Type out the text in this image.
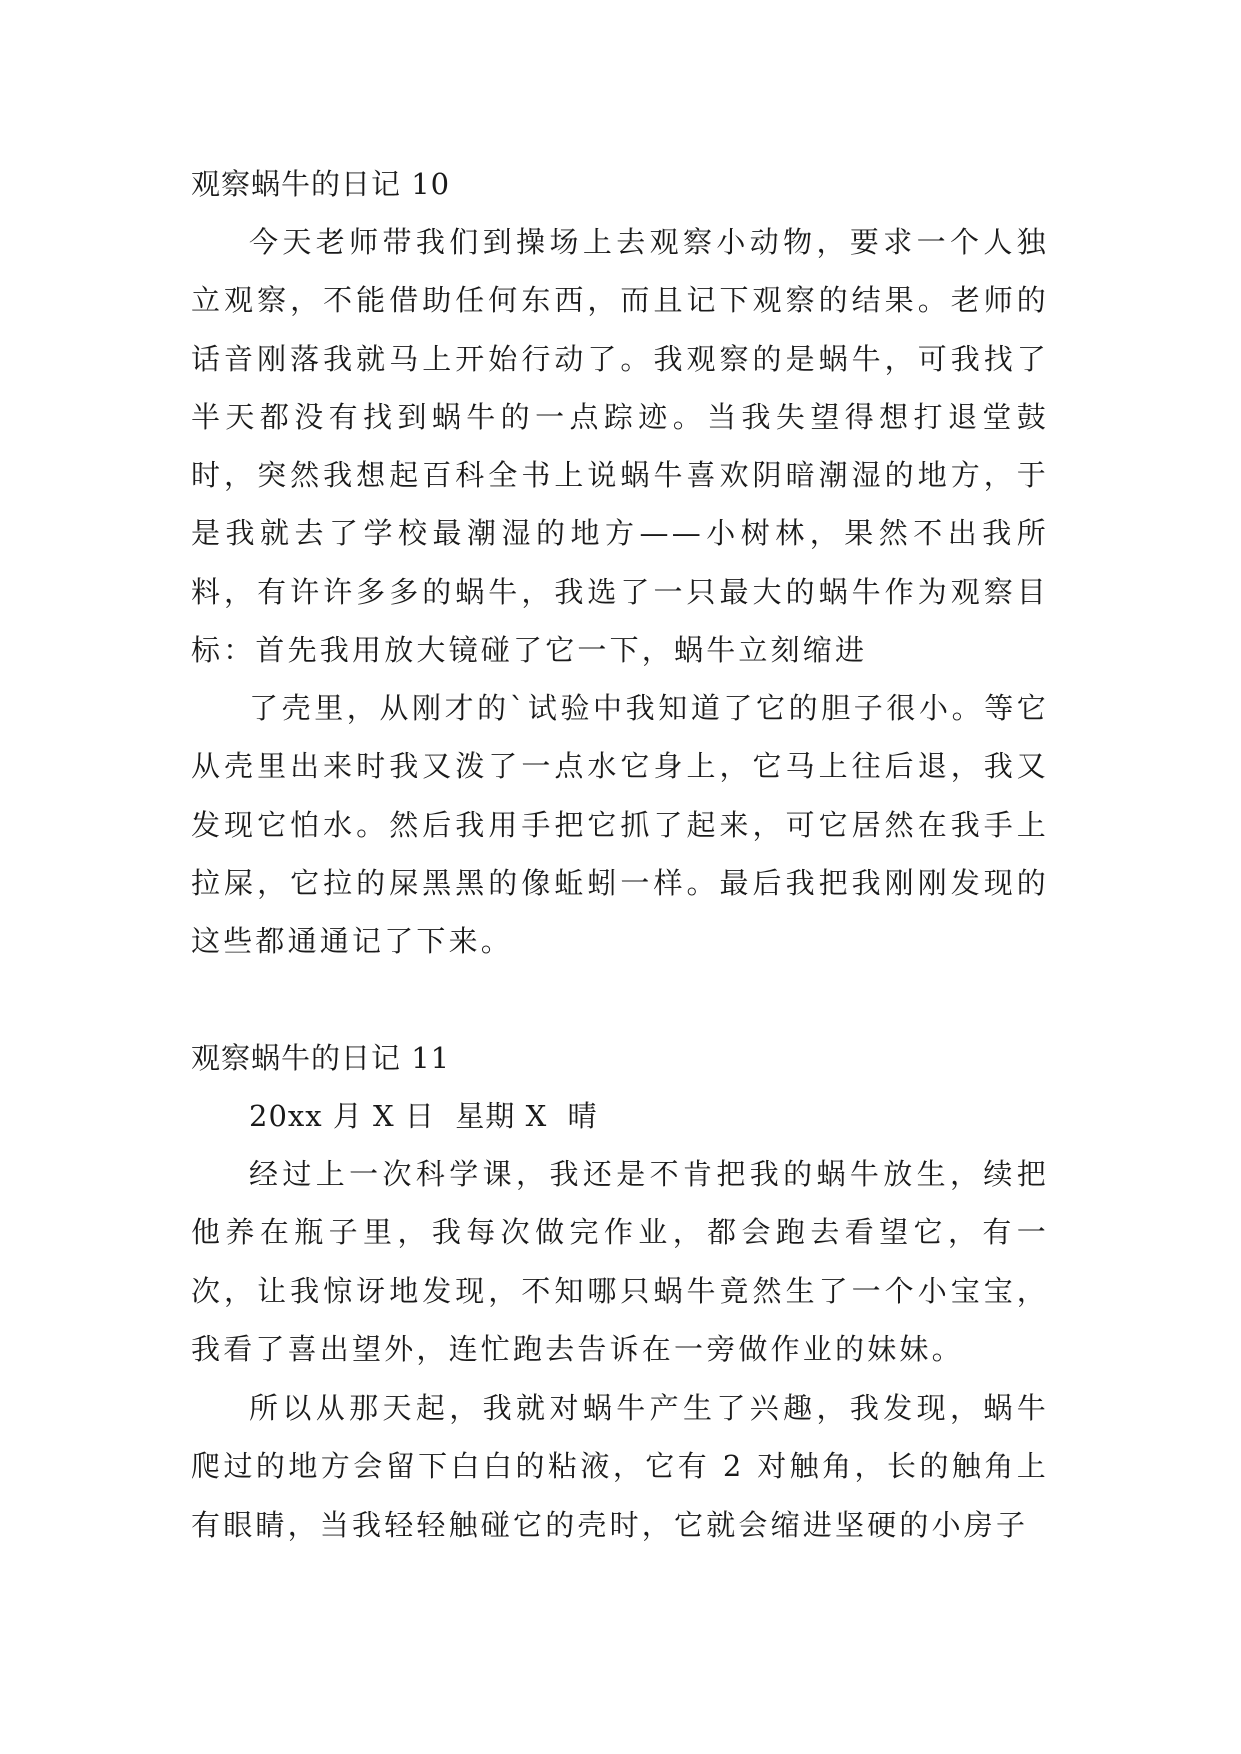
观察蜗牛的日记 10

今天老师带我们到操场上去观察小动物，要求一个人独立观察，不能借助任何东西，而且记下观察的结果。老师的话音刚落我就马上开始行动了。我观察的是蜗牛，可我找了半天都没有找到蜗牛的一点踪迹。当我失望得想打退堂鼓时，突然我想起百科全书上说蜗牛喜欢阴暗潮湿的地方，于是我就去了学校最潮湿的地方——小树林，果然不出我所料，有许许多多的蜗牛，我选了一只最大的蜗牛作为观察目标：首先我用放大镜碰了它一下，蜗牛立刻缩进

了壳里，从刚才的`试验中我知道了它的胆子很小。等它从壳里出来时我又泼了一点水它身上，它马上往后退，我又发现它怕水。然后我用手把它抓了起来，可它居然在我手上拉屎，它拉的屎黑黑的像蚯蚓一样。最后我把我刚刚发现的这些都通通记了下来。

观察蜗牛的日记 11

20xx 月 X 日  星期 X  晴

经过上一次科学课，我还是不肯把我的蜗牛放生，续把他养在瓶子里，我每次做完作业，都会跑去看望它，有一次，让我惊讶地发现，不知哪只蜗牛竟然生了一个小宝宝，我看了喜出望外，连忙跑去告诉在一旁做作业的妹妹。

所以从那天起，我就对蜗牛产生了兴趣，我发现，蜗牛爬过的地方会留下白白的粘液，它有 2 对触角，长的触角上有眼睛，当我轻轻触碰它的壳时，它就会缩进坚硬的小房子
